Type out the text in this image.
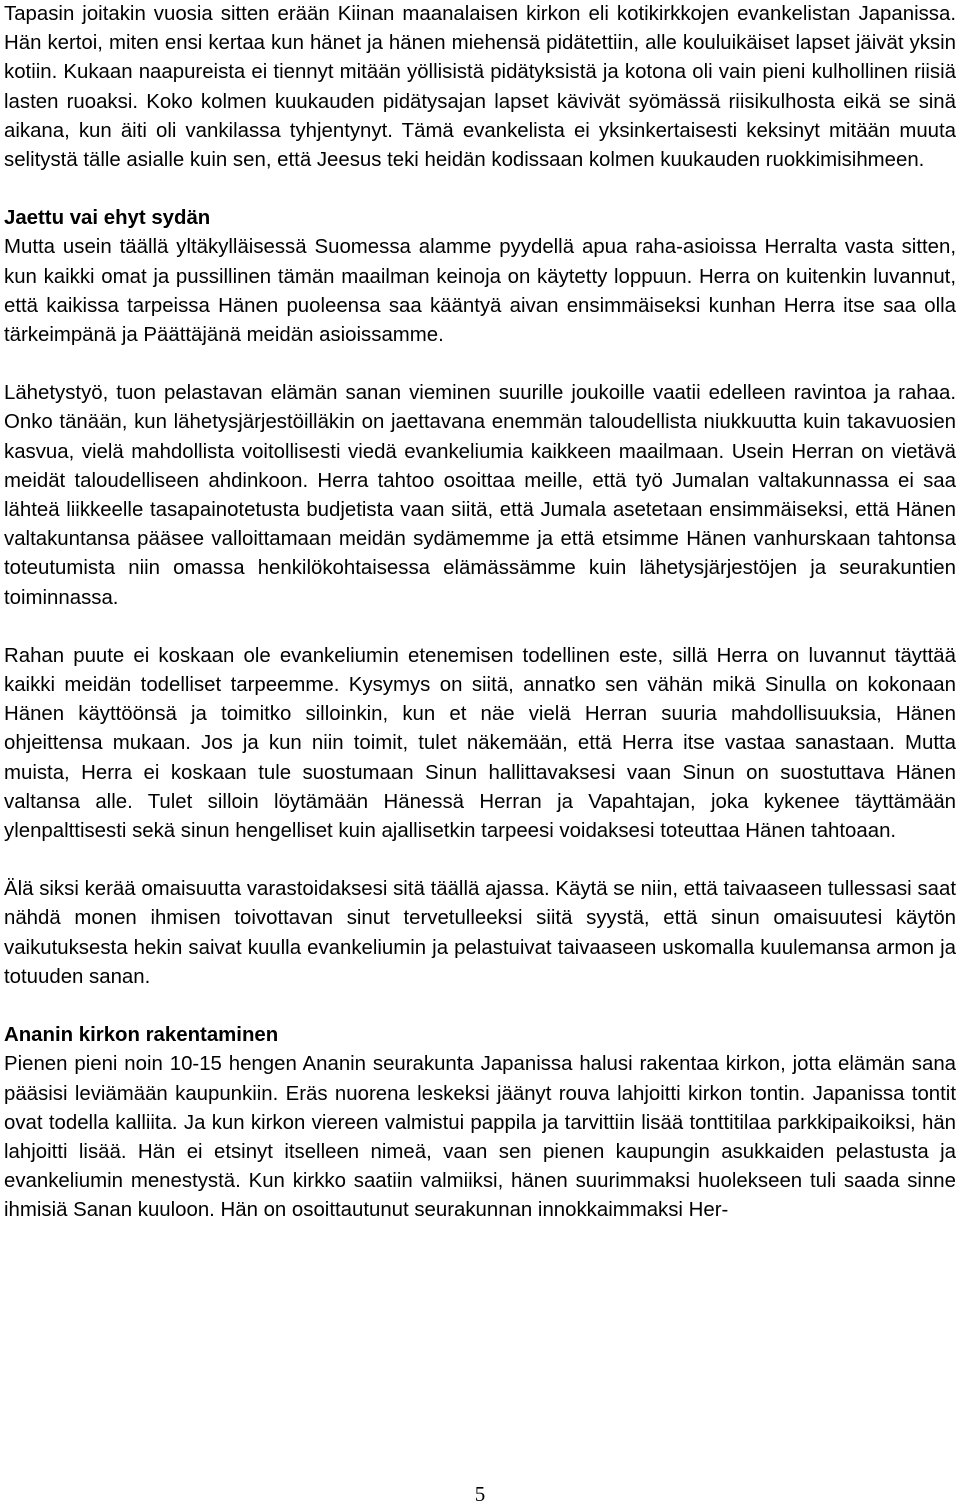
Tapasin joitakin vuosia sitten erään Kiinan maanalaisen kirkon eli kotikirkkojen evankelistan Japanissa. Hän kertoi, miten ensi kertaa kun hänet ja hänen miehensä pidätettiin, alle kouluikäiset lapset jäivät yksin kotiin. Kukaan naapureista ei tiennyt mitään yöllisistä pidätyksistä ja kotona oli vain pieni kulhollinen riisiä lasten ruoaksi. Koko kolmen kuukauden pidätysajan lapset kävivät syömässä riisikulhosta eikä se sinä aikana, kun äiti oli vankilassa tyhjentynyt. Tämä evankelista ei yksinkertaisesti keksinyt mitään muuta selitystä tälle asialle kuin sen, että Jeesus teki heidän kodissaan kolmen kuukauden ruokkimisihmeen.

Jaettu vai ehyt sydän

Mutta usein täällä yltäkylläisessä Suomessa alamme pyydellä apua raha-asioissa Herralta vasta sitten, kun kaikki omat ja pussillinen tämän maailman keinoja on käytetty loppuun. Herra on kuitenkin luvannut, että kaikissa tarpeissa Hänen puoleensa saa kääntyä aivan ensimmäiseksi kunhan Herra itse saa olla tärkeimpänä ja Päättäjänä meidän asioissamme.

Lähetystyö, tuon pelastavan elämän sanan vieminen suurille joukoille vaatii edelleen ravintoa ja rahaa. Onko tänään, kun lähetysjärjestöilläkin on jaettavana enemmän taloudellista niukkuutta kuin takavuosien kasvua, vielä mahdollista voitollisesti viedä evankeliumia kaikkeen maailmaan. Usein Herran on vietävä meidät taloudelliseen ahdinkoon. Herra tahtoo osoittaa meille, että työ Jumalan valtakunnassa ei saa lähteä liikkeelle tasapainotetusta budjetista vaan siitä, että Jumala asetetaan ensimmäiseksi, että Hänen valtakuntansa pääsee valloittamaan meidän sydämemme ja että etsimme Hänen vanhurskaan tahtonsa toteutumista niin omassa henkilökohtaisessa elämässämme kuin lähetysjärjestöjen ja seurakuntien toiminnassa.

Rahan puute ei koskaan ole evankeliumin etenemisen todellinen este, sillä Herra on luvannut täyttää kaikki meidän todelliset tarpeemme. Kysymys on siitä, annatko sen vähän mikä Sinulla on kokonaan Hänen käyttöönsä ja toimitko silloinkin, kun et näe vielä Herran suuria mahdollisuuksia, Hänen ohjeittensa mukaan. Jos ja kun niin toimit, tulet näkemään, että Herra itse vastaa sanastaan. Mutta muista, Herra ei koskaan tule suostumaan Sinun hallittavaksesi vaan Sinun on suostuttava Hänen valtansa alle. Tulet silloin löytämään Hänessä Herran ja Vapahtajan, joka kykenee täyttämään ylenpalttisesti sekä sinun hengelliset kuin ajallisetkin tarpeesi voidaksesi toteuttaa Hänen tahtoaan.

Älä siksi kerää omaisuutta varastoidaksesi sitä täällä ajassa. Käytä se niin, että taivaaseen tullessasi saat nähdä monen ihmisen toivottavan sinut tervetulleeksi siitä syystä, että sinun omaisuutesi käytön vaikutuksesta hekin saivat kuulla evankeliumin ja pelastuivat taivaaseen uskomalla kuulemansa armon ja totuuden sanan.

Ananin kirkon rakentaminen

Pienen pieni noin 10-15 hengen Ananin seurakunta Japanissa halusi rakentaa kirkon, jotta elämän sana pääsisi leviämään kaupunkiin. Eräs nuorena leskeksi jäänyt rouva lahjoitti kirkon tontin. Japanissa tontit ovat todella kalliita. Ja kun kirkon viereen valmistui pappila ja tarvittiin lisää tonttitilaa parkkipaikoiksi, hän lahjoitti lisää. Hän ei etsinyt itselleen nimeä, vaan sen pienen kaupungin asukkaiden pelastusta ja evankeliumin menestystä. Kun kirkko saatiin valmiiksi, hänen suurimmaksi huolekseen tuli saada sinne ihmisiä Sanan kuuloon. Hän on osoittautunut seurakunnan innokkaimmaksi Her-

5
